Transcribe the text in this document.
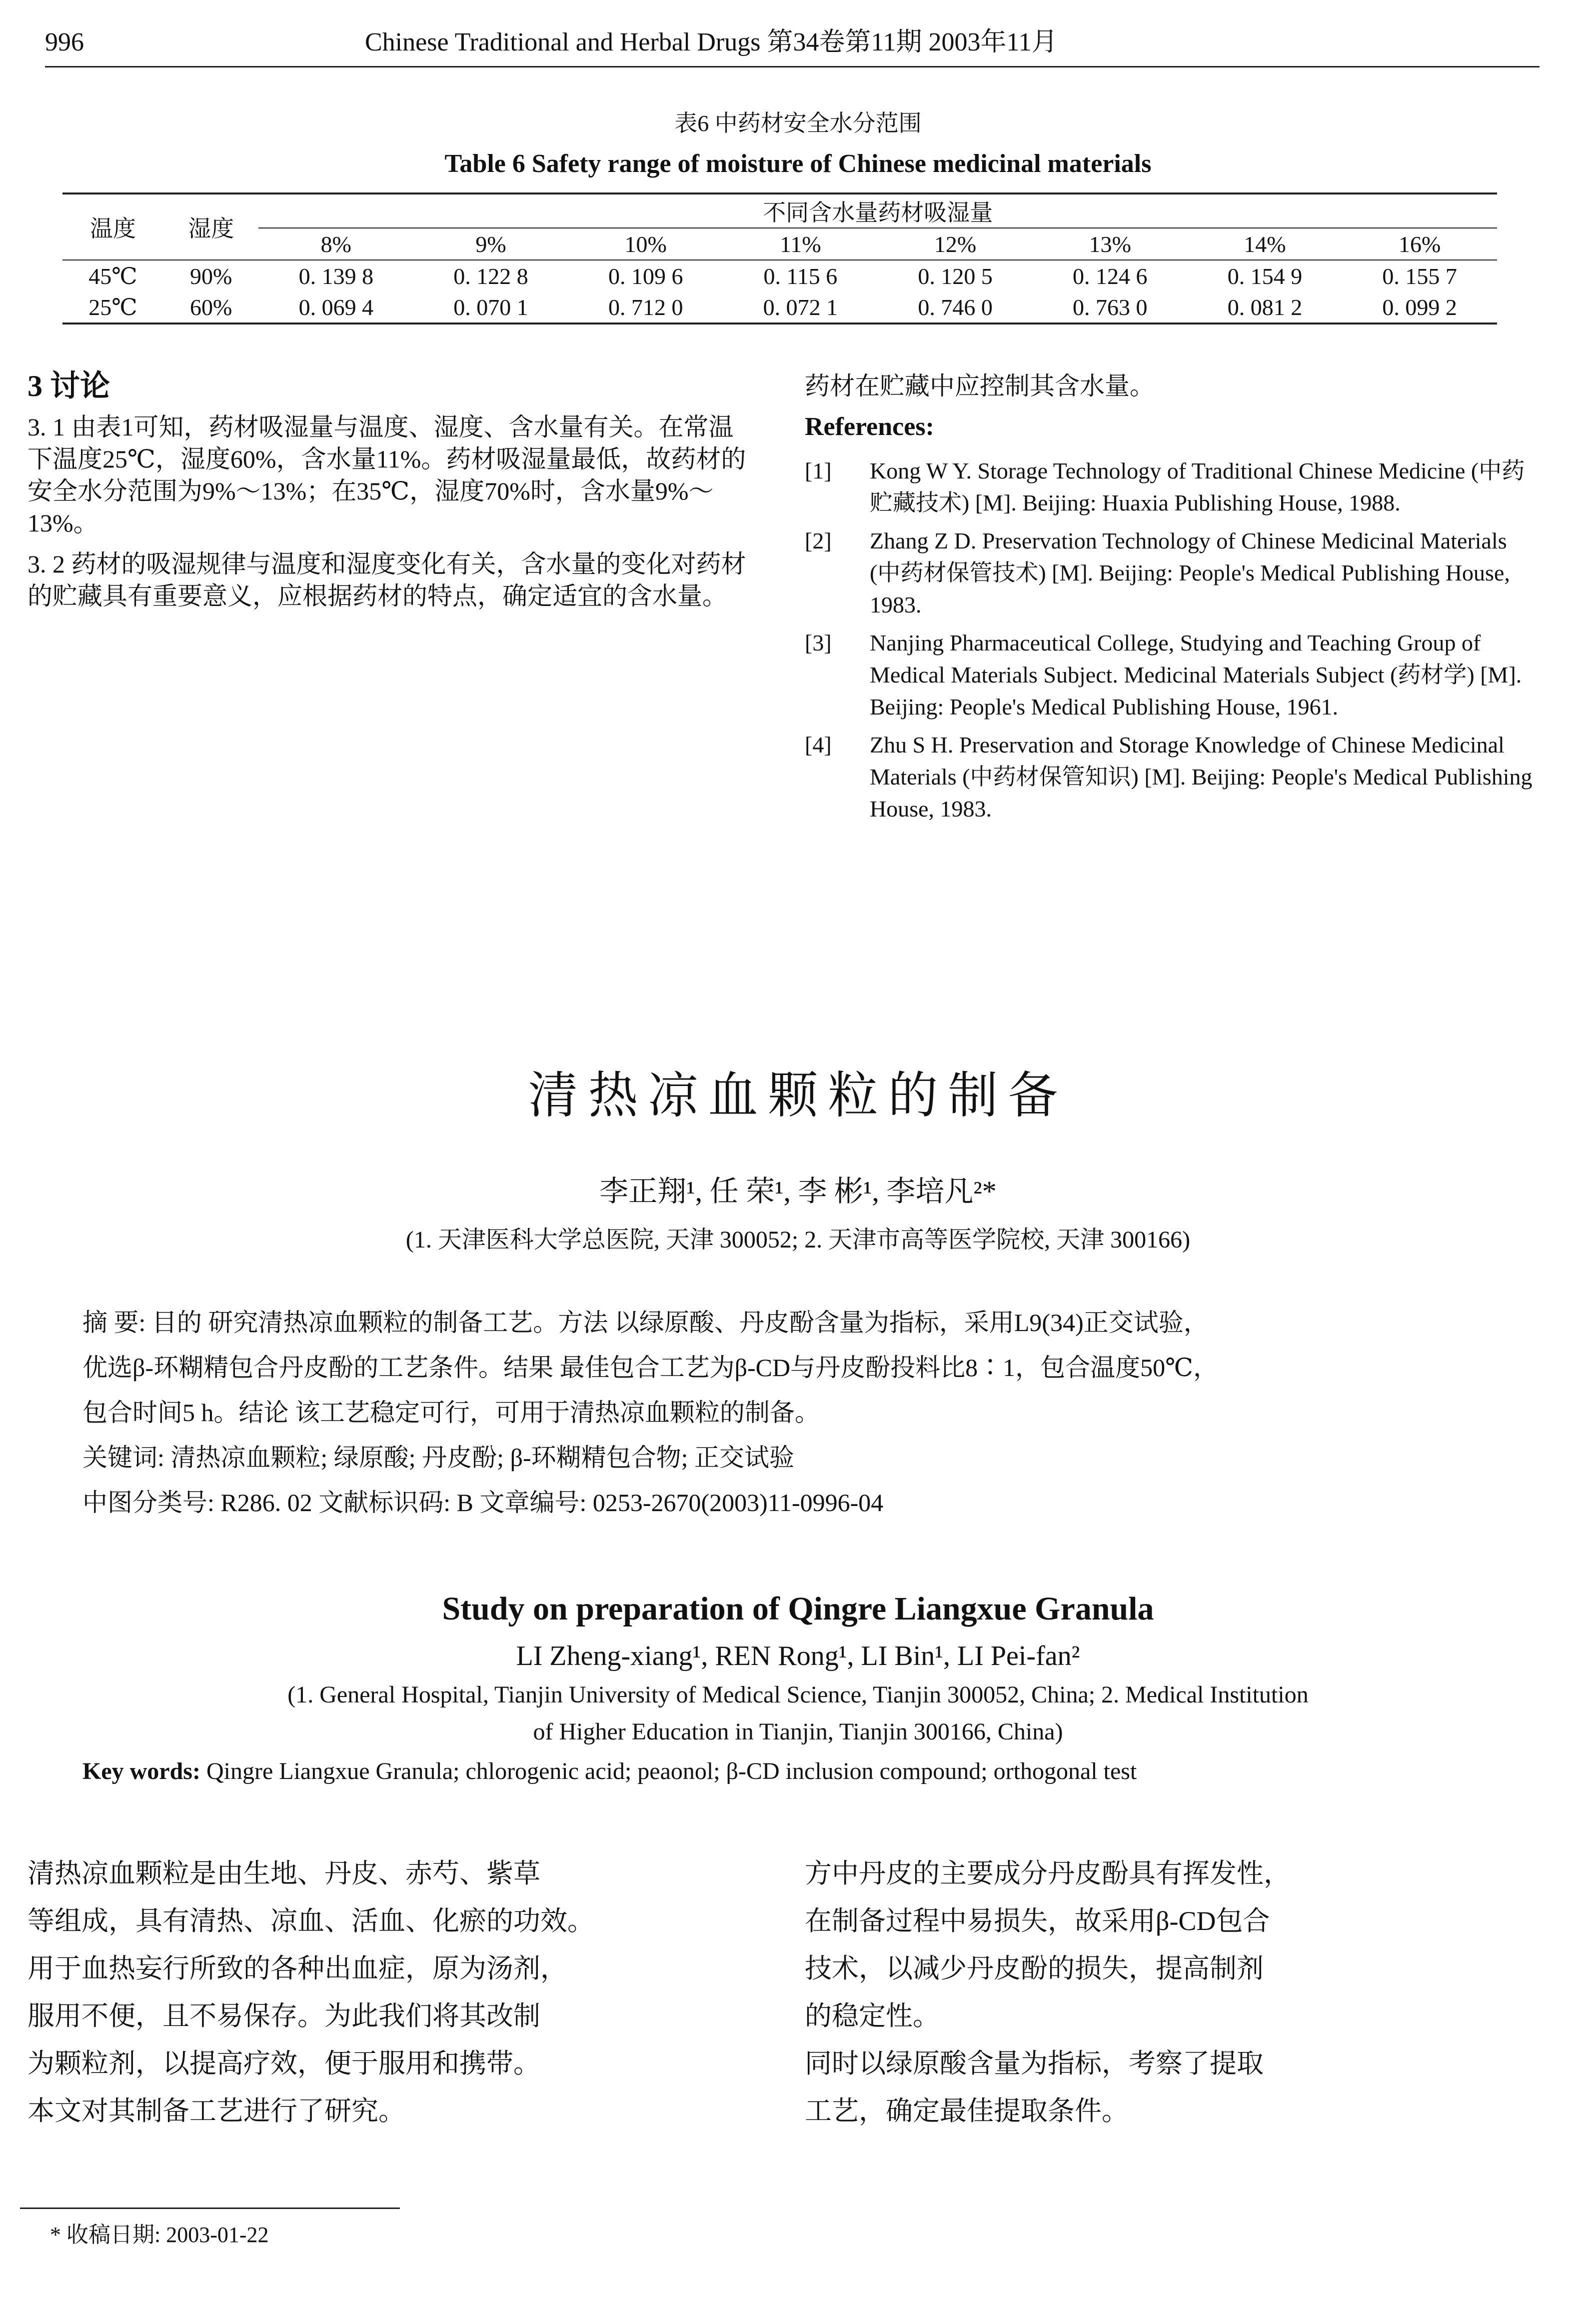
996	Chinese Traditional and Herbal Drugs 第34卷第11期 2003年11月
表6 中药材安全水分范围
Table 6 Safety range of moisture of Chinese medicinal materials
温度	湿度	不同含水量药材吸湿量							
		8%	9%	10%	11%	12%	13%	14%	16%
45℃	90%	0. 139 8	0. 122 8	0. 109 6	0. 115 6	0. 120 5	0. 124 6	0. 154 9	0. 155 7
25℃	60%	0. 069 4	0. 070 1	0. 712 0	0. 072 1	0. 746 0	0. 763 0	0. 081 2	0. 099 2

3 讨论

3. 1 由表1可知，药材吸湿量与温度、湿度、含水量有关。在常温下温度25℃，湿度60%，含水量11%。药材吸湿量最低，故药材的安全水分范围为9%～13%；在35℃，湿度70%时，含水量9%～13%。

3. 2 药材的吸湿规律与温度和湿度变化有关，含水量的变化对药材的贮藏具有重要意义，应根据药材的特点，确定适宜的含水量。

药材在贮藏中应控制其含水量。

References:
[1]	Kong W Y. Storage Technology of Traditional Chinese Medicine (中药贮藏技术) [M]. Beijing: Huaxia Publishing House, 1988.
[2]	Zhang Z D. Preservation Technology of Chinese Medicinal Materials (中药材保管技术) [M]. Beijing: People's Medical Publishing House, 1983.
[3]	Nanjing Pharmaceutical College, Studying and Teaching Group of Medical Materials Subject. Medicinal Materials Subject (药材学) [M]. Beijing: People's Medical Publishing House, 1961.
[4]	Zhu S H. Preservation and Storage Knowledge of Chinese Medicinal Materials (中药材保管知识) [M]. Beijing: People's Medical Publishing House, 1983.
清热凉血颗粒的制备
李正翔¹, 任 荣¹, 李 彬¹, 李培凡²*
(1. 天津医科大学总医院, 天津 300052; 2. 天津市高等医学院校, 天津 300166)

摘 要: 目的 研究清热凉血颗粒的制备工艺。方法 以绿原酸、丹皮酚含量为指标，采用L9(34)正交试验，

优选β-环糊精包合丹皮酚的工艺条件。结果 最佳包合工艺为β-CD与丹皮酚投料比8∶1，包合温度50℃，

包合时间5 h。结论 该工艺稳定可行，可用于清热凉血颗粒的制备。

关键词: 清热凉血颗粒; 绿原酸; 丹皮酚; β-环糊精包合物; 正交试验

中图分类号: R286. 02 文献标识码: B 文章编号: 0253-2670(2003)11-0996-04

Study on preparation of Qingre Liangxue Granula
LI Zheng-xiang¹, REN Rong¹, LI Bin¹, LI Pei-fan²
(1. General Hospital, Tianjin University of Medical Science, Tianjin 300052, China; 2. Medical Institution
of Higher Education in Tianjin, Tianjin 300166, China)
Key words: Qingre Liangxue Granula; chlorogenic acid; peaonol; β-CD inclusion compound; orthogonal test

清热凉血颗粒是由生地、丹皮、赤芍、紫草

等组成，具有清热、凉血、活血、化瘀的功效。

用于血热妄行所致的各种出血症，原为汤剂，

服用不便，且不易保存。为此我们将其改制

为颗粒剂，以提高疗效，便于服用和携带。

本文对其制备工艺进行了研究。

方中丹皮的主要成分丹皮酚具有挥发性，

在制备过程中易损失，故采用β-CD包合

技术，以减少丹皮酚的损失，提高制剂

的稳定性。

同时以绿原酸含量为指标，考察了提取

工艺，确定最佳提取条件。

* 收稿日期: 2003-01-22
